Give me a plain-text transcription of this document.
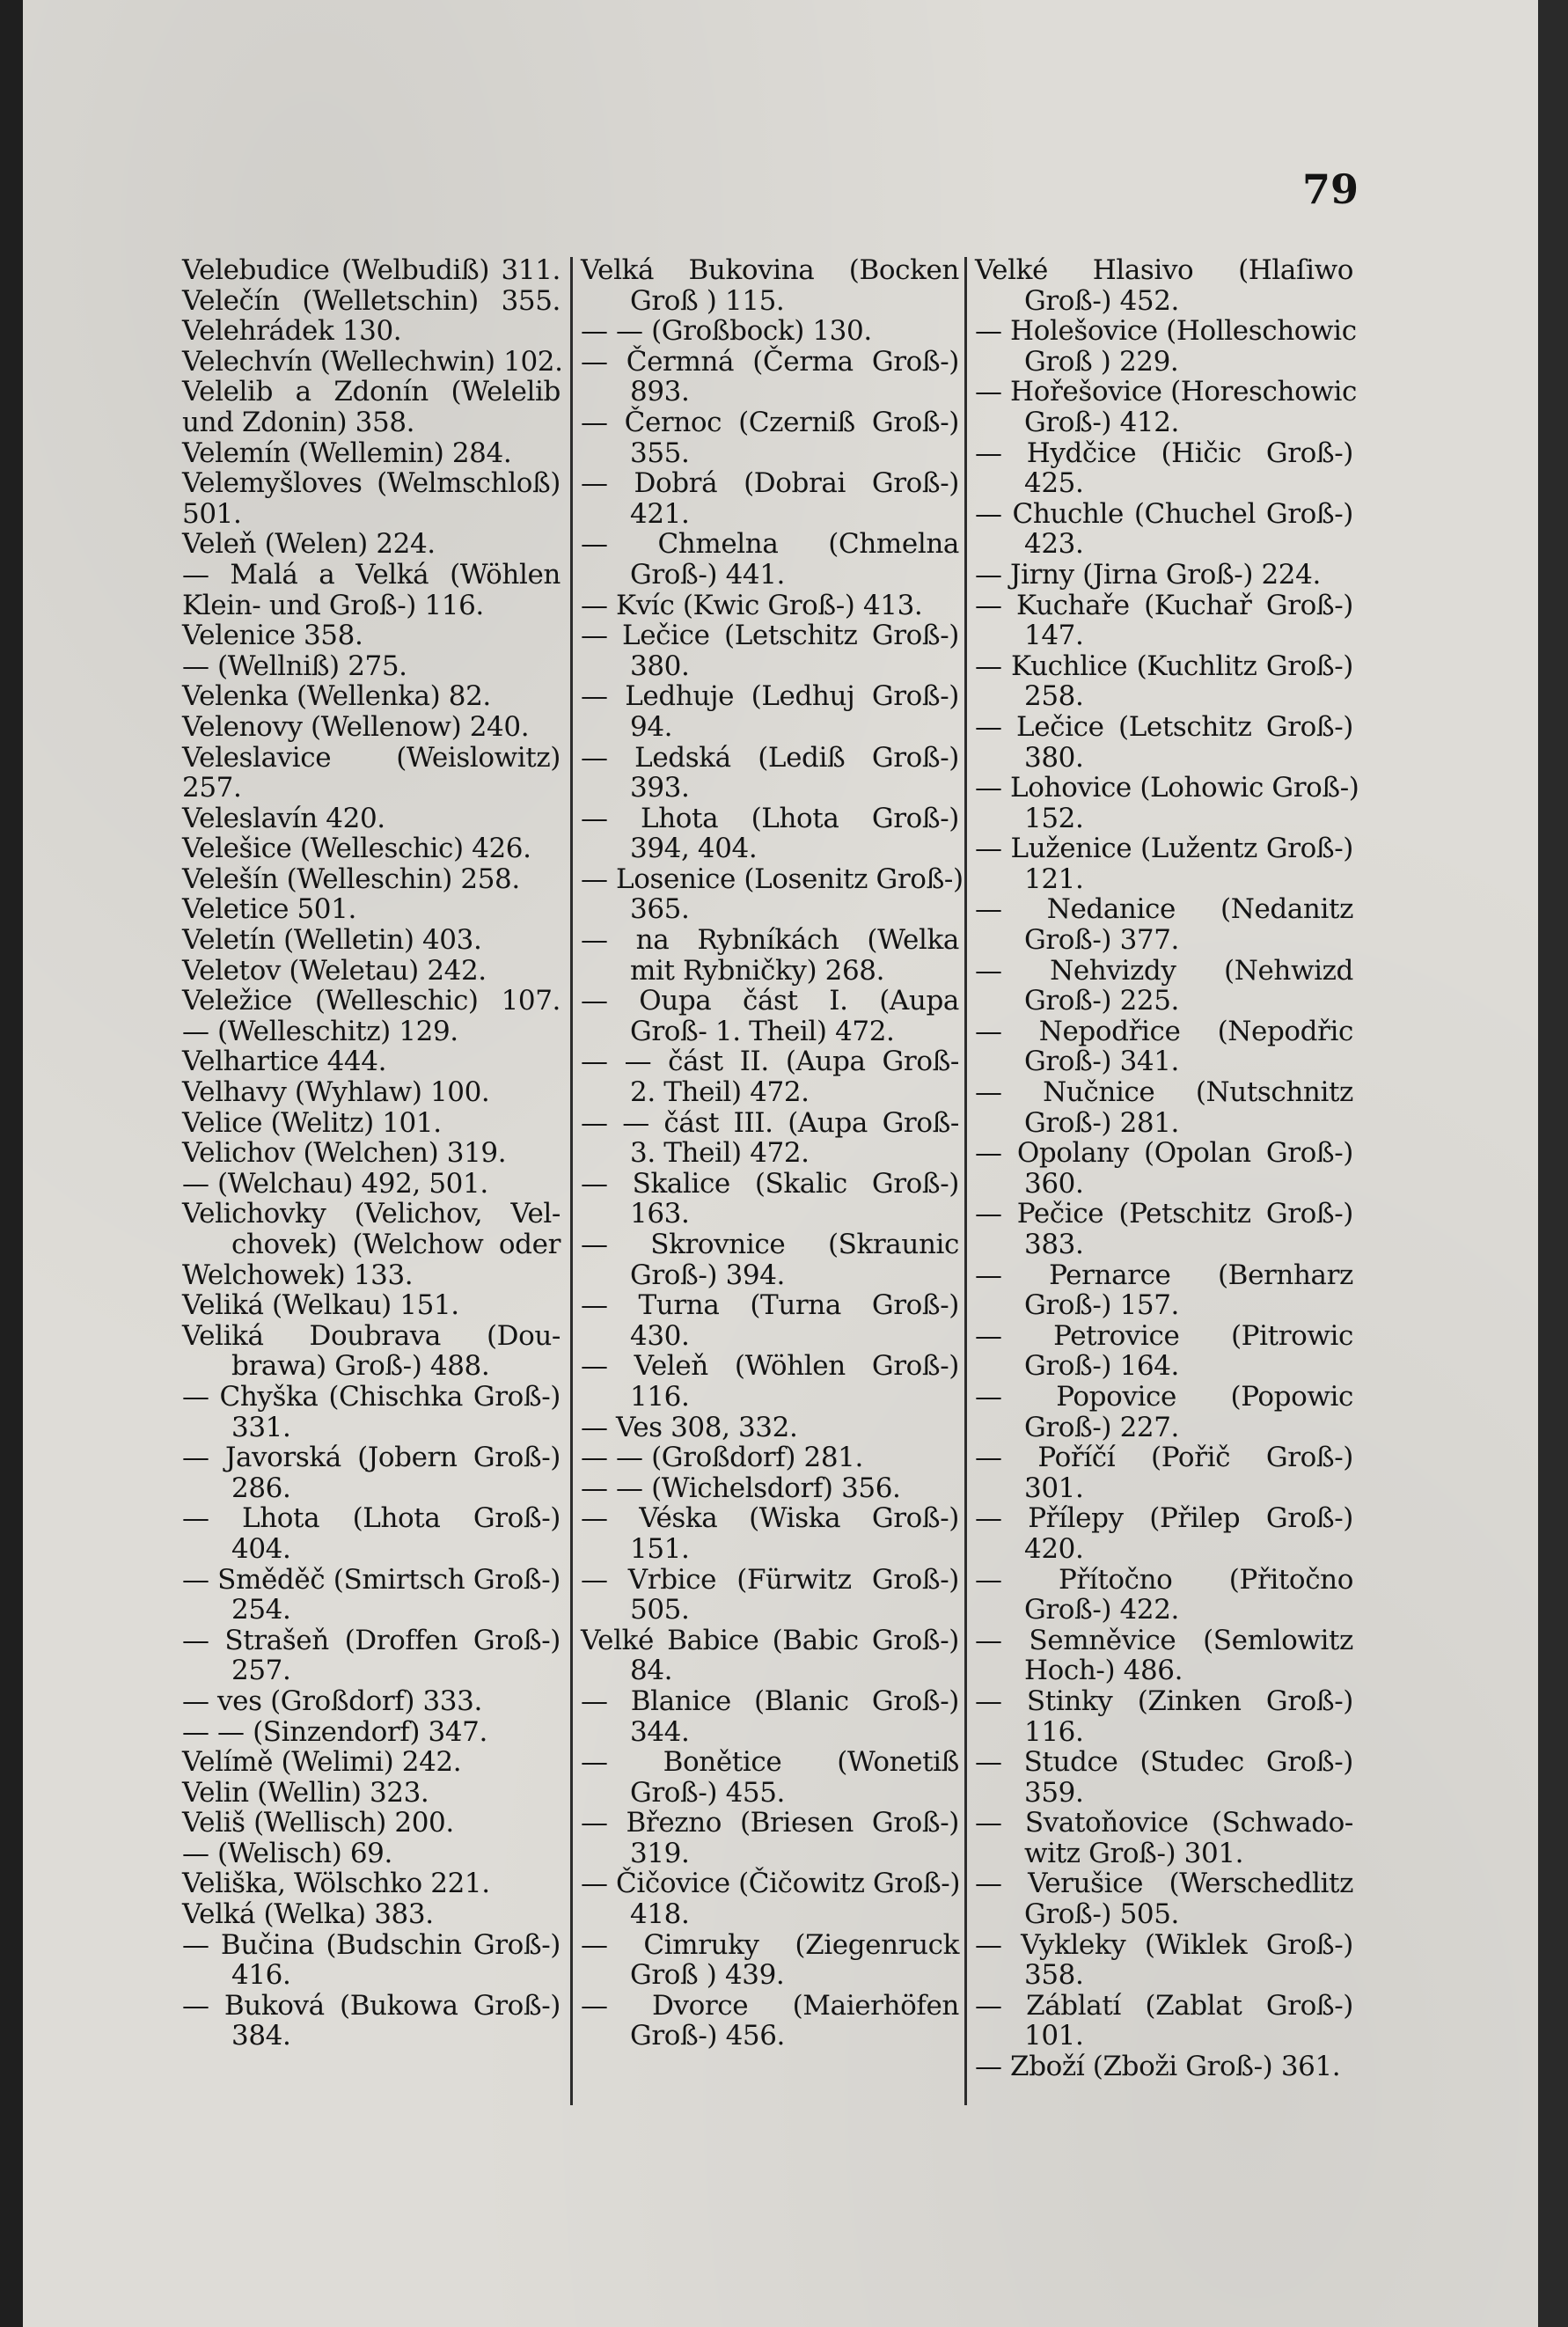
79
Velebudice (Welbudiß) 311.
Velečín (Welletschin) 355.
Velehrádek 130.
Velechvín (Wellechwin) 102.
Velelib a Zdonín (Welelib
und Zdonin) 358.
Velemín (Wellemin) 284.
Velemyšloves (Welmschloß)
501.
Veleň (Welen) 224.
— Malá a Velká (Wöhlen
Klein- und Groß-) 116.
Velenice 358.
— (Wellniß) 275.
Velenka (Wellenka) 82.
Velenovy (Wellenow) 240.
Veleslavice (Weislowitz)
257.
Veleslavín 420.
Velešice (Welleschic) 426.
Velešín (Welleschin) 258.
Veletice 501.
Veletín (Welletin) 403.
Veletov (Weletau) 242.
Veležice (Welleschic) 107.
— (Welleschitz) 129.
Velhartice 444.
Velhavy (Wyhlaw) 100.
Velice (Welitz) 101.
Velichov (Welchen) 319.
— (Welchau) 492, 501.
Velichovky (Velichov, Vel-
chovek) (Welchow oder
Welchowek) 133.
Veliká (Welkau) 151.
Veliká Doubrava (Dou-
brawa) Groß-) 488.
— Chyška (Chischka Groß-)
331.
— Javorská (Jobern Groß-)
286.
— Lhota (Lhota Groß-)
404.
— Směděč (Smirtsch Groß-)
254.
— Strašeň (Droffen Groß-)
257.
— ves (Großdorf) 333.
— — (Sinzendorf) 347.
Velímě (Welimi) 242.
Velin (Wellin) 323.
Veliš (Wellisch) 200.
— (Welisch) 69.
Veliška, Wölschko 221.
Velká (Welka) 383.
— Bučina (Budschin Groß-)
416.
— Buková (Bukowa Groß-)
384.
Velká Bukovina (Bocken
Groß ) 115.
— — (Großbock) 130.
— Čermná (Čerma Groß-)
893.
— Černoc (Czerniß Groß-)
355.
— Dobrá (Dobrai Groß-)
421.
— Chmelna (Chmelna
Groß-) 441.
— Kvíc (Kwic Groß-) 413.
— Lečice (Letschitz Groß-)
380.
— Ledhuje (Ledhuj Groß-)
94.
— Ledská (Lediß Groß-)
393.
— Lhota (Lhota Groß-)
394, 404.
— Losenice (Losenitz Groß-)
365.
— na Rybníkách (Welka
mit Rybničky) 268.
— Oupa část I. (Aupa
Groß- 1. Theil) 472.
— — část II. (Aupa Groß-
2. Theil) 472.
— — část III. (Aupa Groß-
3. Theil) 472.
— Skalice (Skalic Groß-)
163.
— Skrovnice (Skraunic
Groß-) 394.
— Turna (Turna Groß-)
430.
— Veleň (Wöhlen Groß-)
116.
— Ves 308, 332.
— — (Großdorf) 281.
— — (Wichelsdorf) 356.
— Véska (Wiska Groß-)
151.
— Vrbice (Fürwitz Groß-)
505.
Velké Babice (Babic Groß-)
84.
— Blanice (Blanic Groß-)
344.
— Bonětice (Wonetiß
Groß-) 455.
— Březno (Briesen Groß-)
319.
— Čičovice (Čičowitz Groß-)
418.
— Cimruky (Ziegenruck
Groß ) 439.
— Dvorce (Maierhöfen
Groß-) 456.
Velké Hlasivo (Hlaſiwo
Groß-) 452.
— Holešovice (Holleschowic
Groß ) 229.
— Hořešovice (Horeschowic
Groß-) 412.
— Hydčice (Hičic Groß-)
425.
— Chuchle (Chuchel Groß-)
423.
— Jirny (Jirna Groß-) 224.
— Kuchaře (Kuchař Groß-)
147.
— Kuchlice (Kuchlitz Groß-)
258.
— Lečice (Letschitz Groß-)
380.
— Lohovice (Lohowic Groß-)
152.
— Luženice (Lužentz Groß-)
121.
— Nedanice (Nedanitz
Groß-) 377.
— Nehvizdy (Nehwizd
Groß-) 225.
— Nepodřice (Nepodřic
Groß-) 341.
— Nučnice (Nutschnitz
Groß-) 281.
— Opolany (Opolan Groß-)
360.
— Pečice (Petschitz Groß-)
383.
— Pernarce (Bernharz
Groß-) 157.
— Petrovice (Pitrowic
Groß-) 164.
— Popovice (Popowic
Groß-) 227.
— Poříčí (Pořič Groß-)
301.
— Přílepy (Přilep Groß-)
420.
— Přítočno (Přitočno
Groß-) 422.
— Semněvice (Semlowitz
Hoch-) 486.
— Stinky (Zinken Groß-)
116.
— Studce (Studec Groß-)
359.
— Svatoňovice (Schwado-
witz Groß-) 301.
— Verušice (Werschedlitz
Groß-) 505.
— Vykleky (Wiklek Groß-)
358.
— Záblatí (Zablat Groß-)
101.
— Zboží (Zboži Groß-) 361.
